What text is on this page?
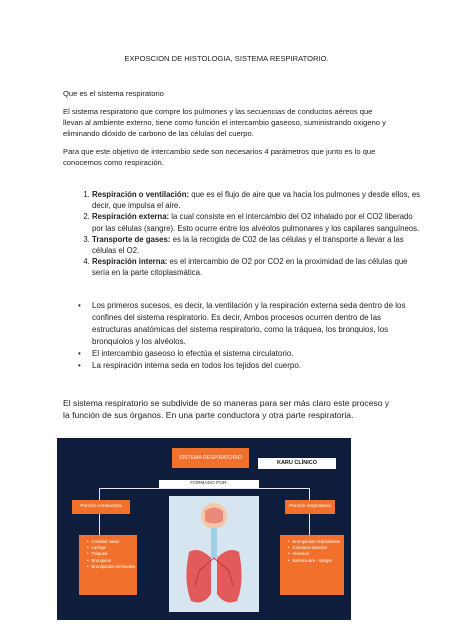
EXPOSCION DE HISTOLOGIA, SISTEMA RESPIRATORIO.
Que es el sistema respiratorio
El sistema respiratorio que compre los pulmones y las secuencias de conductos aéreos que llevan al ambiente externo, tiene como función el intercambio gaseoso, suministrando oxigeno y eliminando dióxido de carbono de las células del cuerpo.
Para que este objetivo de intercambio sede son necesarios 4 parámetros que junto es lo que conocemos como respiración.
1. Respiración o ventilación: que es el flujo de aire que va hacia los pulmones y desde ellos, es decir, que impulsa el aire.
2. Respiración externa: la cual consiste en el intercambio del O2 inhalado por el CO2 liberado por las células (sangre). Esto ocurre entre los alvéolos pulmonares y los capilares sanguíneos.
3. Transporte de gases: es la la recogida de C02 de las células y el transporte a llevar a las células el O2.
4. Respiración interna: es el intercambio de O2 por CO2 en la proximidad de las células que sería en la parte citoplasmática.
• Los primeros sucesos, es decir, la ventilación y la respiración externa seda dentro de los confines del sistema respiratorio. Es decir, Ambos procesos ocurren dentro de las estructuras anatómicas del sistema respiratorio, como la tráquea, los bronquios, los bronquiolos y los alvéolos.
• El intercambio gaseoso lo efectúa el sistema circulatorio.
• La respiración interna seda en todos los tejidos del cuerpo.
El sistema respiratorio se subdivide de so maneras para ser más claro este proceso y la función de sus órganos. En una parte conductora y otra parte respiratoria.
SISTEMA RESPIRATORIO
KARU CLÍNICO
FORMADO POR:
Porción conductora	Porción respiratoria
• Cavidad nasal
• Laringe
• Tráquea
• Bronquios
• Bronquiolos terminales
• Bronquiolos respiratorios
• Conducto alveolar
• Alveolos
• Barrera aire - sangre
